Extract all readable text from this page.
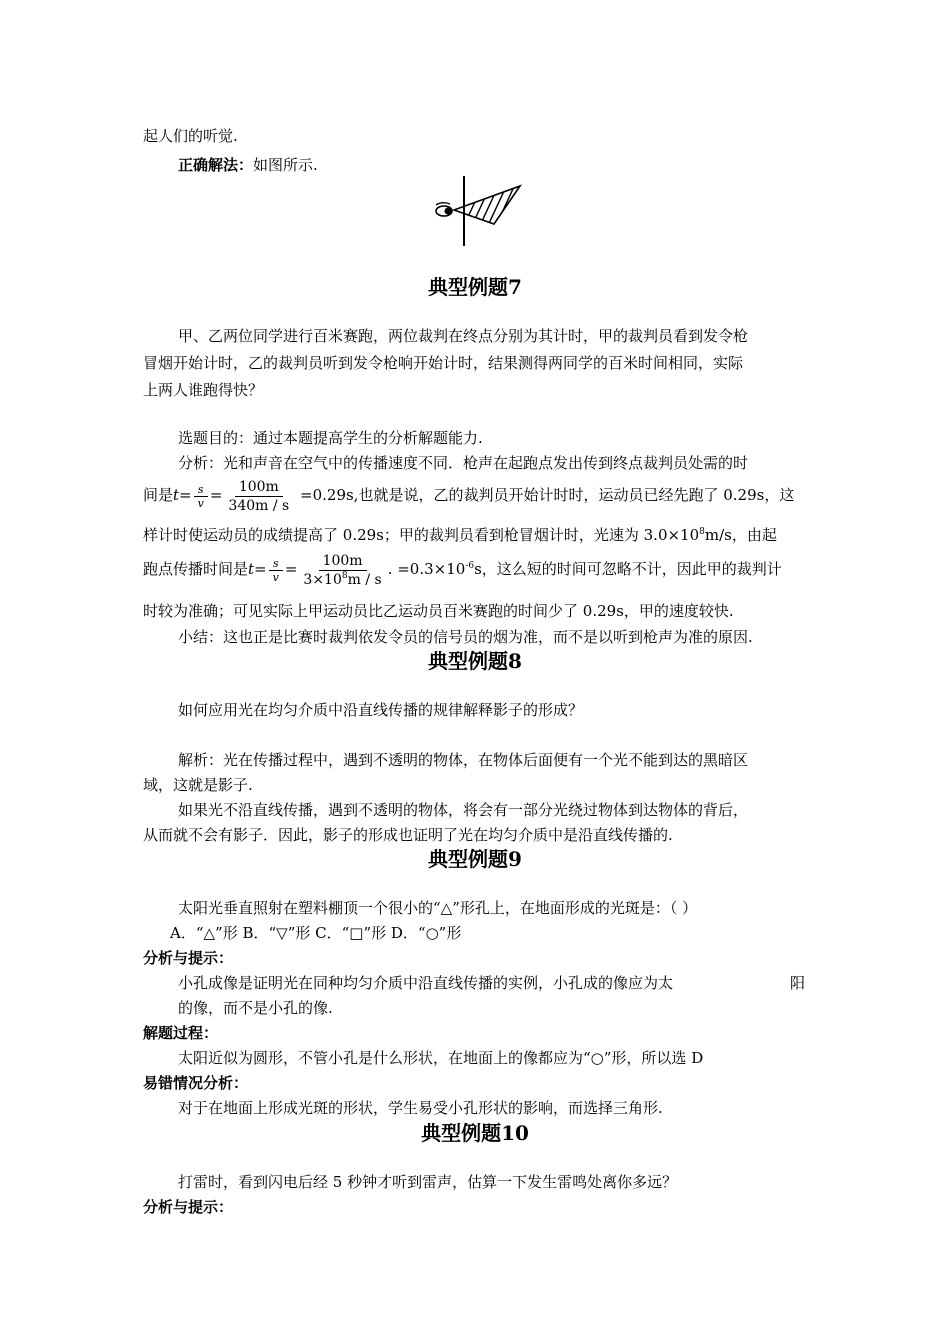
起人们的听觉.
正确解法：如图所示.
典型例题7
甲、乙两位同学进行百米赛跑，两位裁判在终点分别为其计时，甲的裁判员看到发令枪
冒烟开始计时，乙的裁判员听到发令枪响开始计时，结果测得两同学的百米时间相同，实际
上两人谁跑得快？
选题目的：通过本题提高学生的分析解题能力.
分析：光和声音在空气中的传播速度不同．枪声在起跑点发出传到终点裁判员处需的时
间是$t= \frac{s}{v} = \frac{100m}{340m / s} =0.29s$,也就是说，乙的裁判员开始计时时，运动员已经先跑了 0.29s，这
样计时使运动员的成绩提高了 0.29s；甲的裁判员看到枪冒烟计时，光速为 $3.0\times 10^8m/s$，由起
跑点传播时间是$t= \frac{s}{v} = \frac{100m}{3\times 10^8m / s}$ . $=0.3\times 10^{-6}s$，这么短的时间可忽略不计，因此甲的裁判计
时较为准确；可见实际上甲运动员比乙运动员百米赛跑的时间少了 0.29s，甲的速度较快.
小结：这也正是比赛时裁判依发令员的信号员的烟为准，而不是以听到枪声为准的原因.
典型例题8
如何应用光在均匀介质中沿直线传播的规律解释影子的形成？
解析：光在传播过程中，遇到不透明的物体，在物体后面便有一个光不能到达的黑暗区
域，这就是影子.
如果光不沿直线传播，遇到不透明的物体，将会有一部分光绕过物体到达物体的背后，
从而就不会有影子．因此，影子的形成也证明了光在均匀介质中是沿直线传播的.
典型例题9
太阳光垂直照射在塑料棚顶一个很小的“△”形孔上，在地面形成的光斑是：（ ）
A．“△”形 B．“▽”形 C．“□”形 D．“○”形
分析与提示：
小孔成像是证明光在同种均匀介质中沿直线传播的实例，小孔成的像应为太	阳
的像，而不是小孔的像.
解题过程：
太阳近似为圆形，不管小孔是什么形状，在地面上的像都应为“○”形，所以选 D
易错情况分析：
对于在地面上形成光斑的形状，学生易受小孔形状的影响，而选择三角形.
典型例题10
打雷时，看到闪电后经 5 秒钟才听到雷声，估算一下发生雷鸣处离你多远？
分析与提示：
